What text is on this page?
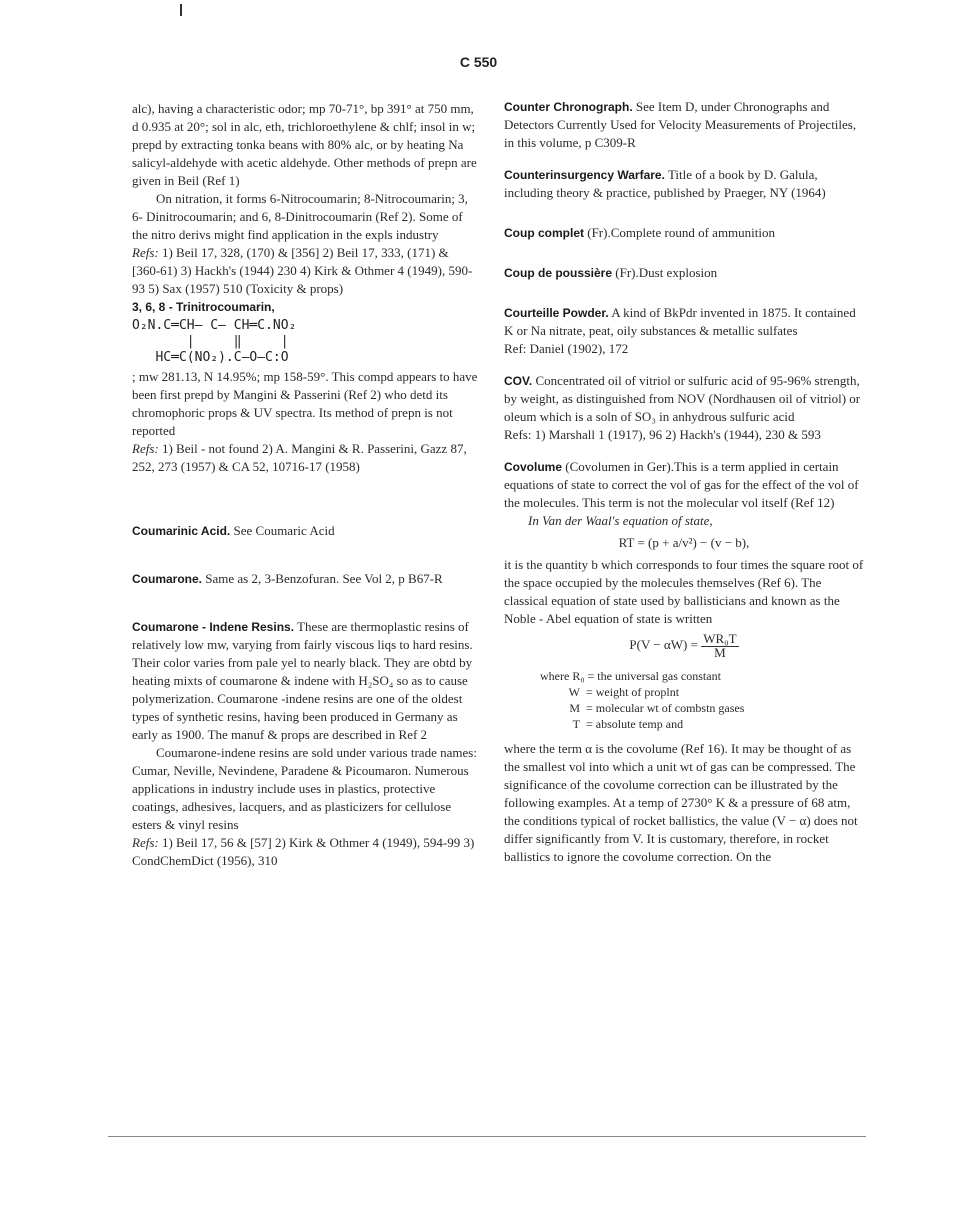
C 550

alc), having a characteristic odor; mp 70-71°, bp 391° at 750 mm, d 0.935 at 20°; sol in alc, eth, trichloroethylene & chlf; insol in w; prepd by extracting tonka beans with 80% alc, or by heating Na salicyl-aldehyde with acetic aldehyde. Other methods of prepn are given in Beil (Ref 1)

On nitration, it forms 6-Nitrocoumarin; 8-Nitrocoumarin; 3, 6- Dinitrocoumarin; and 6, 8-Dinitrocoumarin (Ref 2). Some of the nitro derivs might find application in the expls industry

Refs: 1) Beil 17, 328, (170) & [356] 2) Beil 17, 333, (171) & [360-61) 3) Hackh's (1944) 230 4) Kirk & Othmer 4 (1949), 590-93 5) Sax (1957) 510 (Toxicity & props)

3, 6, 8 - Trinitrocoumarin,

O₂N.C═CH— C— CH═C.NO₂
|     ‖     |
HC═C(NO₂).C—O—C:O

; mw 281.13, N 14.95%; mp 158-59°. This compd appears to have been first prepd by Mangini & Passerini (Ref 2) who detd its chromophoric props & UV spectra. Its method of prepn is not reported

Refs: 1) Beil - not found 2) A. Mangini & R. Passerini, Gazz 87, 252, 273 (1957) & CA 52, 10716-17 (1958)

Coumarinic Acid. See Coumaric Acid

Coumarone. Same as 2, 3-Benzofuran. See Vol 2, p B67-R

Coumarone - Indene Resins. These are thermoplastic resins of relatively low mw, varying from fairly viscous liqs to hard resins. Their color varies from pale yel to nearly black. They are obtd by heating mixts of coumarone & indene with H₂SO₄ so as to cause polymerization. Coumarone -indene resins are one of the oldest types of synthetic resins, having been produced in Germany as early as 1900. The manuf & props are described in Ref 2

Coumarone-indene resins are sold under various trade names: Cumar, Neville, Nevindene, Paradene & Picoumaron. Numerous applications in industry include uses in plastics, protective coatings, adhesives, lacquers, and as plasticizers for cellulose esters & vinyl resins

Refs: 1) Beil 17, 56 & [57] 2) Kirk & Othmer 4 (1949), 594-99 3) CondChemDict (1956), 310

Counter Chronograph. See Item D, under Chronographs and Detectors Currently Used for Velocity Measurements of Projectiles, in this volume, p C309-R

Counterinsurgency Warfare. Title of a book by D. Galula, including theory & practice, published by Praeger, NY (1964)

Coup complet (Fr).Complete round of ammunition

Coup de poussière (Fr).Dust explosion

Courteille Powder. A kind of BkPdr invented in 1875. It contained K or Na nitrate, peat, oily substances & metallic sulfates

Ref: Daniel (1902), 172

COV. Concentrated oil of vitriol or sulfuric acid of 95-96% strength, by weight, as distinguished from NOV (Nordhausen oil of vitriol) or oleum which is a soln of SO₃ in anhydrous sulfuric acid

Refs: 1) Marshall 1 (1917), 96 2) Hackh's (1944), 230 & 593

Covolume (Covolumen in Ger).This is a term applied in certain equations of state to correct the vol of gas for the effect of the vol of the molecules. This term is not the molecular vol itself (Ref 12)

In Van der Waal's equation of state,

RT = (p + a/v²) − (v − b),

it is the quantity b which corresponds to four times the square root of the space occupied by the molecules themselves (Ref 6). The classical equation of state used by ballisticians and known as the Noble - Abel equation of state is written

$P(V - \alpha W) = \frac{\text{WR₀T}}{M}$

where R₀ = the universal gas constant
W = weight of proplnt
M = molecular wt of combstn gases
T = absolute temp and

where the term α is the covolume (Ref 16). It may be thought of as the smallest vol into which a unit wt of gas can be compressed. The significance of the covolume correction can be illustrated by the following examples. At a temp of 2730° K & a pressure of 68 atm, the conditions typical of rocket ballistics, the value (V − α) does not differ significantly from V. It is customary, therefore, in rocket ballistics to ignore the covolume correction. On the
